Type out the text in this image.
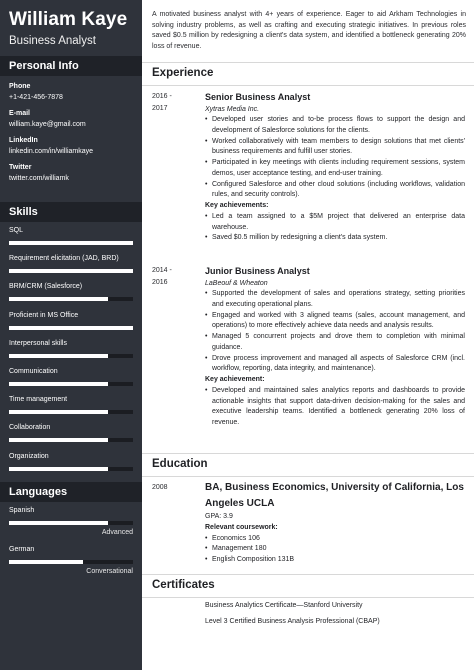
William Kaye
Business Analyst
Personal Info
Phone
+1-421-456-7878
E-mail
william.kaye@gmail.com
LinkedIn
linkedin.com/in/williamkaye
Twitter
twitter.com/williamk
Skills
SQL
Requirement elicitation (JAD, BRD)
BRM/CRM (Salesforce)
Proficient in MS Office
Interpersonal skills
Communication
Time management
Collaboration
Organization
Languages
Spanish
Advanced
German
Conversational
A motivated business analyst with 4+ years of experience. Eager to aid Arkham Technologies in solving industry problems, as well as crafting and executing strategic initiatives. In previous roles saved $0.5 million by redesigning a client's data system, and identified a bottleneck generating 20% loss of revenue.
Experience
2016 -
2017
Senior Business Analyst
Xytras Media Inc.
• Developed user stories and to-be process flows to support the design and development of Salesforce solutions for the clients.
• Worked collaboratively with team members to design solutions that met clients' business requirements and fulfill user stories.
• Participated in key meetings with clients including requirement sessions, system demos, user acceptance testing, and end-user training.
• Configured Salesforce and other cloud solutions (including workflows, validation rules, and security controls).
Key achievements:
• Led a team assigned to a $5M project that delivered an enterprise data warehouse.
• Saved $0.5 million by redesigning a client's data system.
2014 -
2016
Junior Business Analyst
LaBeouf & Wheaton
• Supported the development of sales and operations strategy, setting priorities and executing operational plans.
• Engaged and worked with 3 aligned teams (sales, account management, and operations) to more effectively achieve data needs and analysis results.
• Managed 5 concurrent projects and drove them to completion with minimal guidance.
• Drove process improvement and managed all aspects of Salesforce CRM (incl. workflow, reporting, data integrity, and maintenance).
Key achievement:
• Developed and maintained sales analytics reports and dashboards to provide actionable insights that support data-driven decision-making for the sales and executive leadership teams. Identified a bottleneck generating 20% loss of revenue.
Education
2008	BA, Business Economics, University of California, Los Angeles UCLA
GPA: 3.9
Relevant coursework:
• Economics 106
• Management 180
• English Composition 131B
Certificates
Business Analytics Certificate—Stanford University
Level 3 Certified Business Analysis Professional (CBAP)
